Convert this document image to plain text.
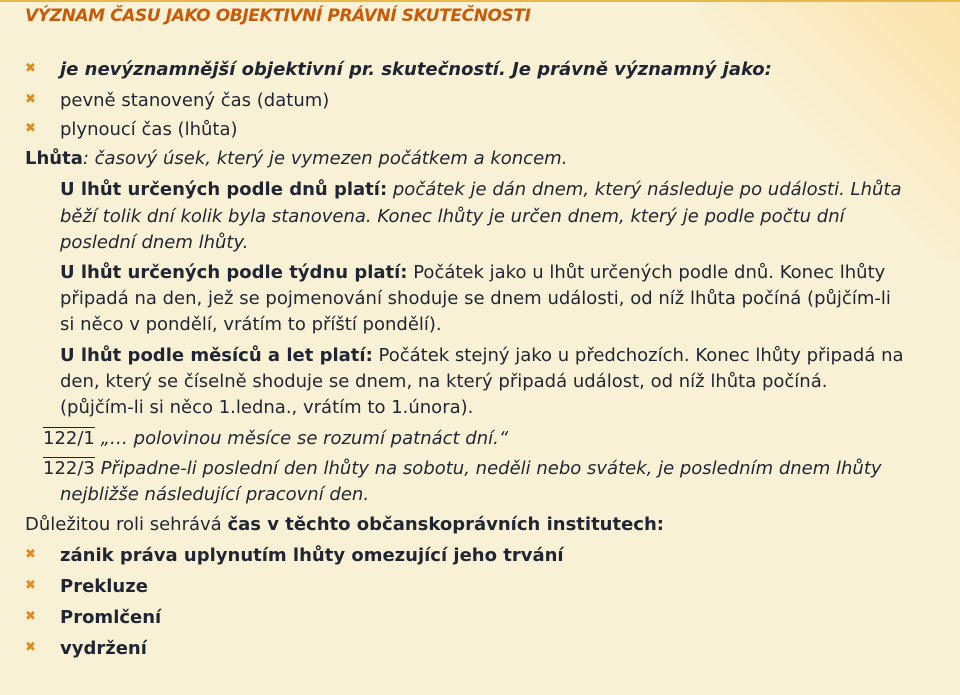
VÝZNAM ČASU JAKO OBJEKTIVNÍ PRÁVNÍ SKUTEČNOSTI
✖ je nevýznamnější objektivní pr. skutečností. Je právně významný jako:
✖ pevně stanovený čas (datum)
✖ plynoucí čas (lhůta)
Lhůta: časový úsek, který je vymezen počátkem a koncem.
U lhůt určených podle dnů platí: počátek je dán dnem, který následuje po události. Lhůta
běží tolik dní kolik byla stanovena. Konec lhůty je určen dnem, který je podle počtu dní
poslední dnem lhůty.
U lhůt určených podle týdnu platí: Počátek jako u lhůt určených podle dnů. Konec lhůty
připadá na den, jež se pojmenování shoduje se dnem události, od níž lhůta počíná (půjčím-li
si něco v pondělí, vrátím to příští pondělí).
U lhůt podle měsíců a let platí: Počátek stejný jako u předchozích. Konec lhůty připadá na
den, který se číselně shoduje se dnem, na který připadá událost, od níž lhůta počíná.
(půjčím-li si něco 1.ledna., vrátím to 1.února).
122/1 „… polovinou měsíce se rozumí patnáct dní.“
122/3 Připadne-li poslední den lhůty na sobotu, neděli nebo svátek, je posledním dnem lhůty
nejbližše následující pracovní den.
Důležitou roli sehrává čas v těchto občanskoprávních institutech:
✖ zánik práva uplynutím lhůty omezující jeho trvání
✖ Prekluze
✖ Promlčení
✖ vydržení
